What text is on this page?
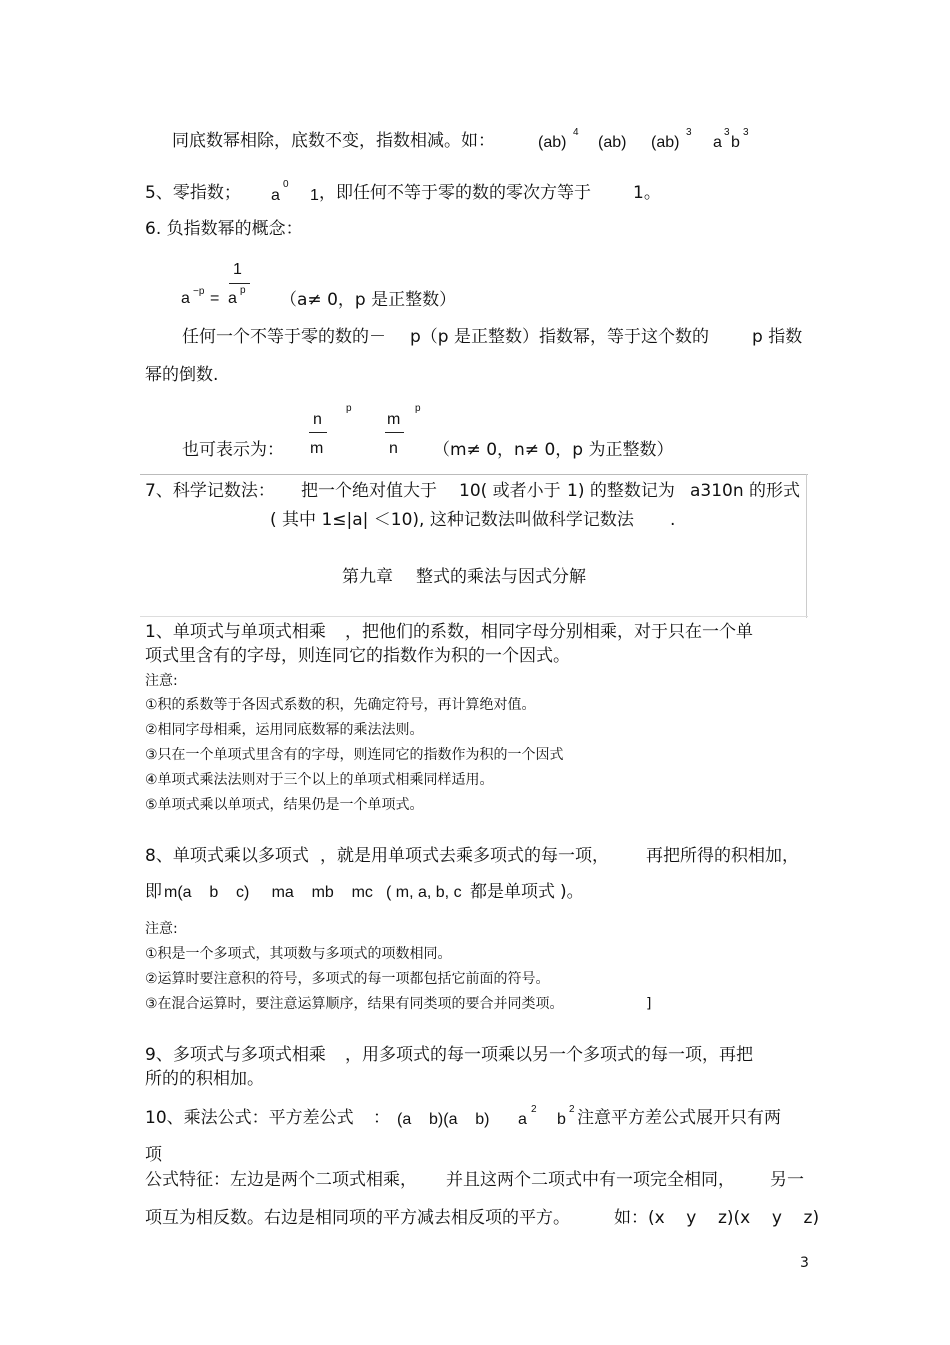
同底数幂相除，底数不变，指数相减。如：	(ab)
4
(ab) (ab)
3
a
3
b
3
5、零指数； a
0
1 ，即任何不等于零的数的零次方等于 1。
6. 负指数幂的概念：
1
a −p = a p （a≠ 0，p 是正整数）
任何一个不等于零的数的－ p（p 是正整数）指数幂，等于这个数的	p 指数
幂的倒数.
n
m
p
m
n
p
也可表示为：	（m≠ 0，n≠ 0，p 为正整数）
7、科学记数法： 把一个绝对值大于 10( 或者小于 1) 的整数记为 a310n 的形式
( 其中 1≤|a| ＜10), 这种记数法叫做科学记数法 .
第九章 整式的乘法与因式分解
1、单项式与单项式相乘 ，把他们的系数，相同字母分别相乘，对于只在一个单
项式里含有的字母，则连同它的指数作为积的一个因式。
注意:
①积的系数等于各因式系数的积，先确定符号，再计算绝对值。
②相同字母相乘，运用同底数幂的乘法法则。
③只在一个单项式里含有的字母，则连同它的指数作为积的一个因式
④单项式乘法法则对于三个以上的单项式相乘同样适用。
⑤单项式乘以单项式，结果仍是一个单项式。
8、单项式乘以多项式 ，就是用单项式去乘多项式的每一项， 再把所得的积相加，
即 m(a    b    c)     ma    mb    mc ( m, a, b, c 都是单项式 )。
注意:
①积是一个多项式，其项数与多项式的项数相同。
②运算时要注意积的符号，多项式的每一项都包括它前面的符号。
③在混合运算时，要注意运算顺序，结果有同类项的要合并同类项。	]
9、多项式与多项式相乘 ，用多项式的每一项乘以另一个多项式的每一项，再把
所的的积相加。
10、乘法公式：平方差公式 ： (a    b)(a    b) a
2
b
2 注意平方差公式展开只有两
项
公式特征：左边是两个二项式相乘， 并且这两个二项式中有一项完全相同， 另一
项互为相反数。右边是相同项的平方减去相反项的平方。	如：(x    y    z)(x    y    z)
3
